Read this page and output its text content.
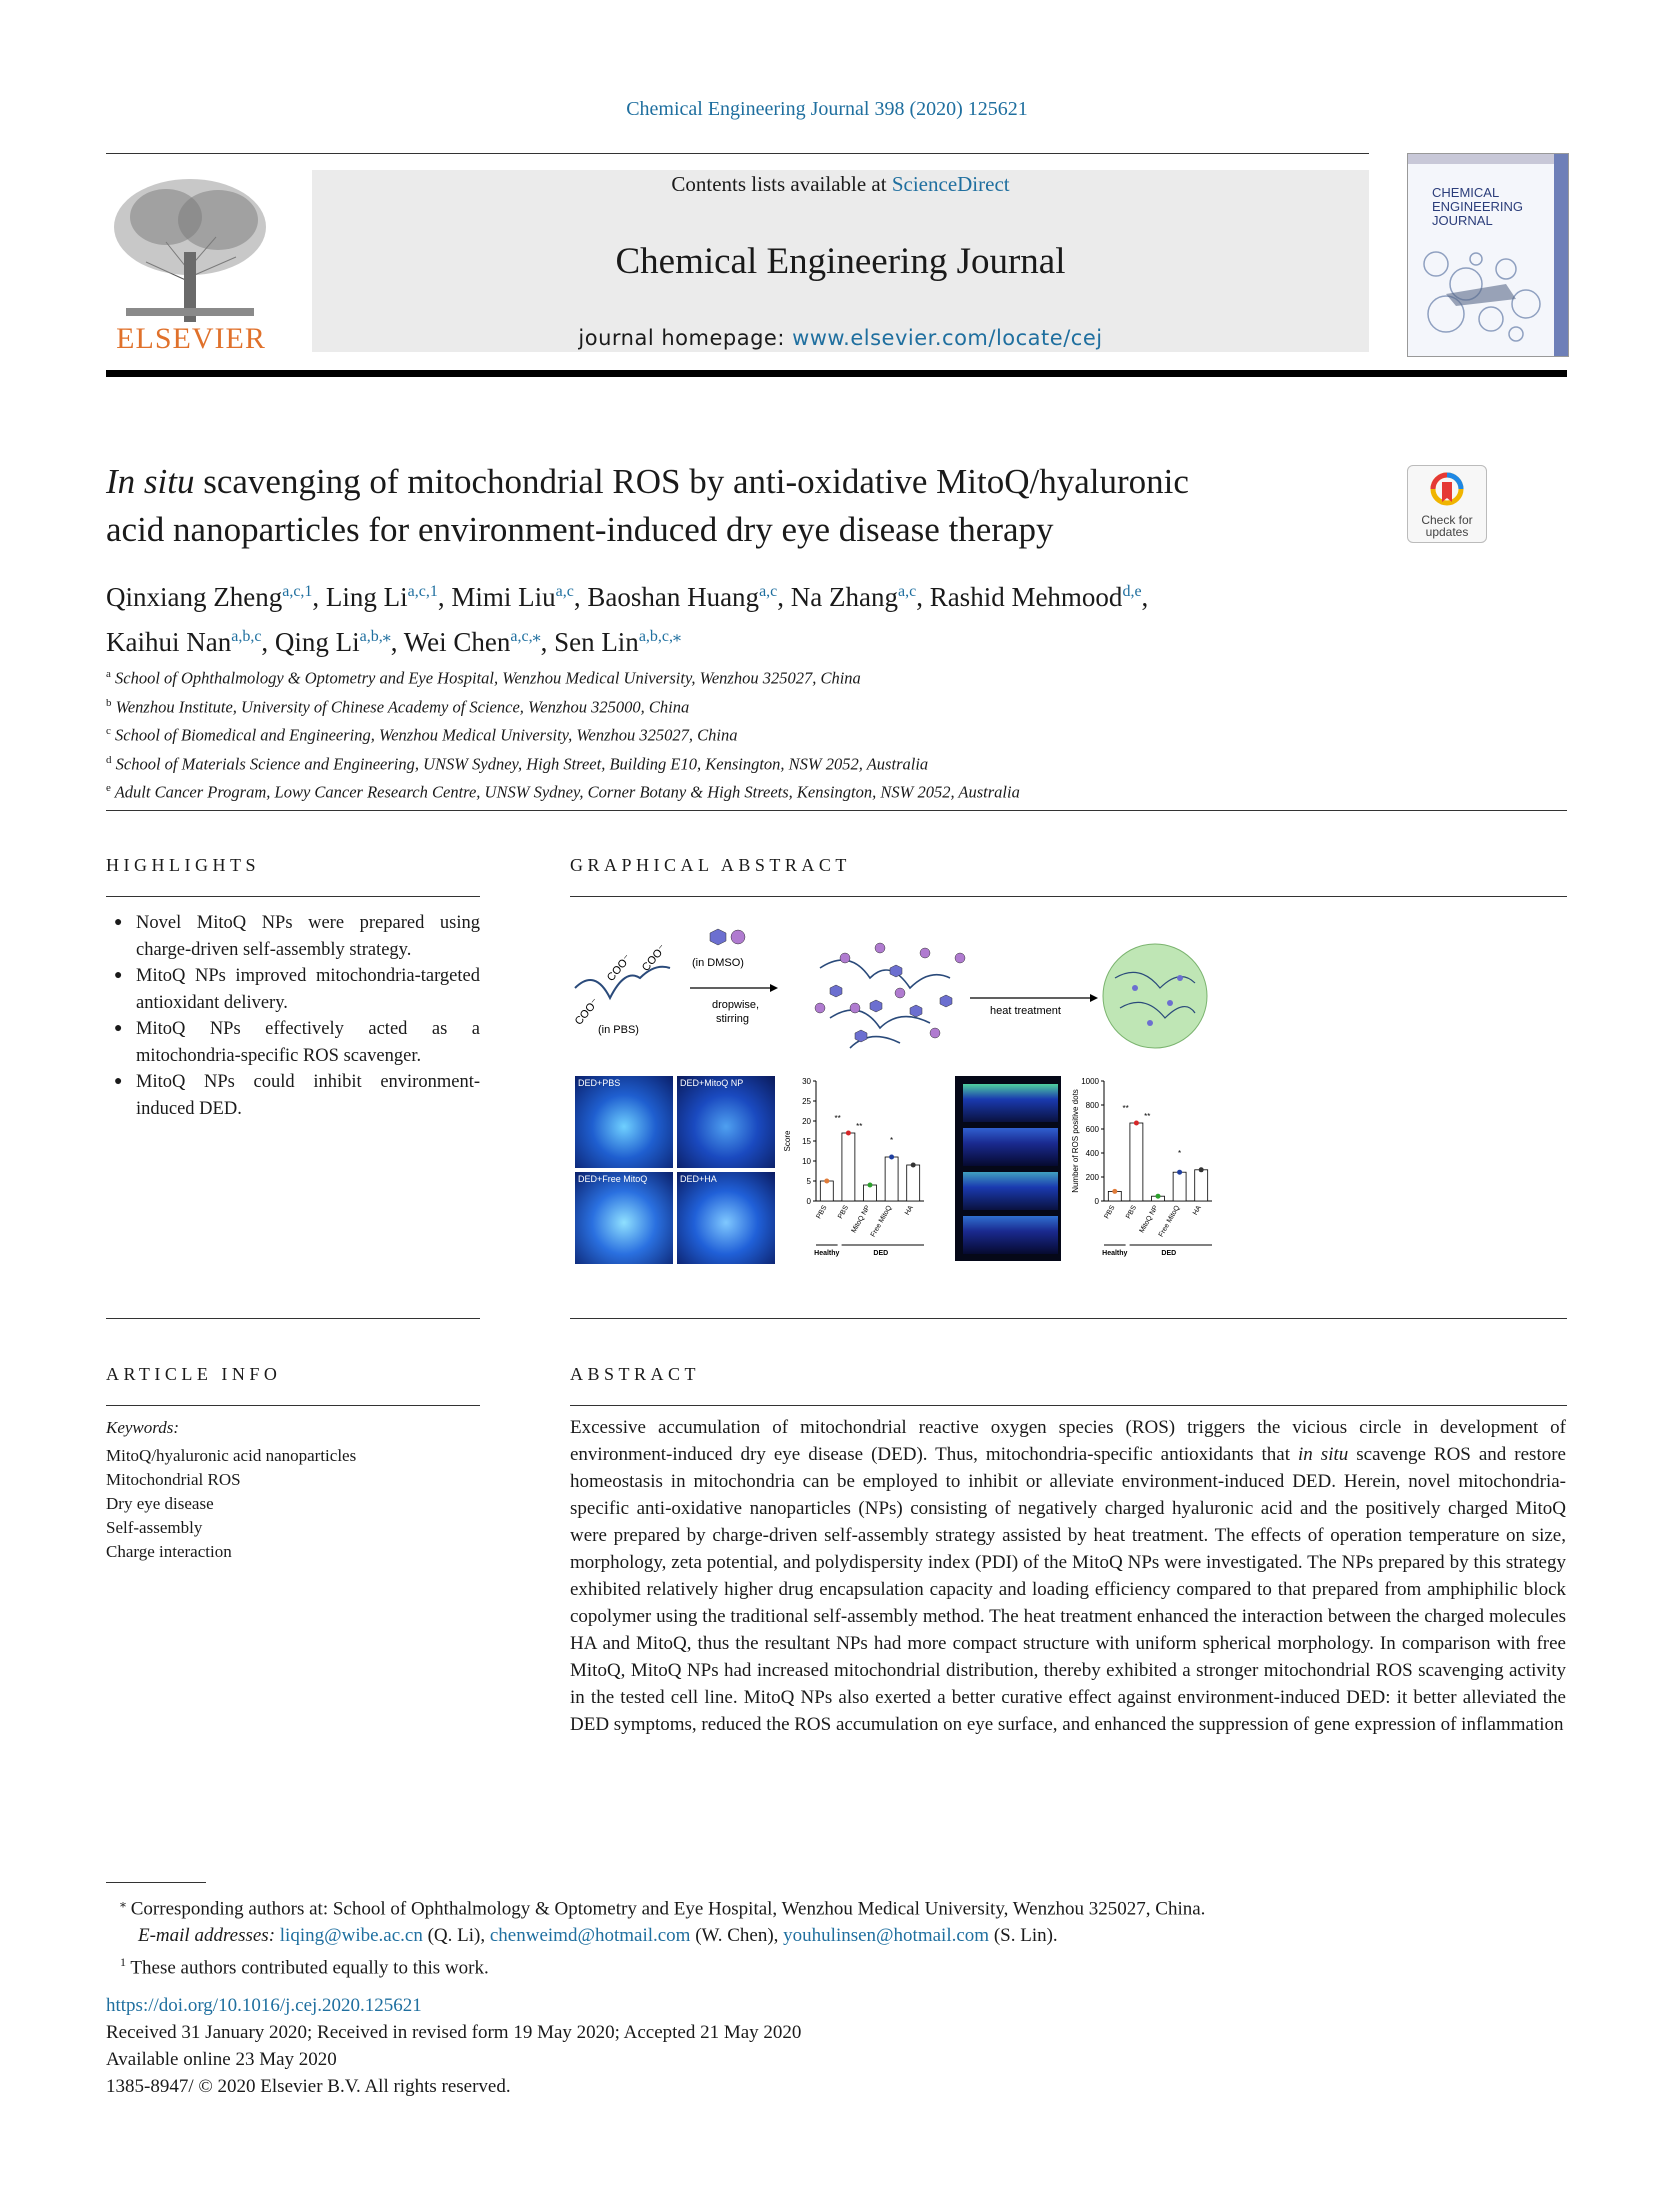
Chemical Engineering Journal 398 (2020) 125621
ELSEVIER
Contents lists available at ScienceDirect
Chemical Engineering Journal
journal homepage: www.elsevier.com/locate/cej
CHEMICAL ENGINEERING JOURNAL
In situ scavenging of mitochondrial ROS by anti-oxidative MitoQ/hyaluronic
acid nanoparticles for environment-induced dry eye disease therapy	Check for updates
Qinxiang Zheng$^{a,c,1}$, Ling Li$^{a,c,1}$, Mimi Liu$^{a,c}$, Baoshan Huang$^{a,c}$, Na Zhang$^{a,c}$, Rashid Mehmood$^{d,e}$,
Kaihui Nan$^{a,b,c}$, Qing $Li^{a,b,⁎}$, Wei Chen$^{a,c,⁎}$, Sen Lin$^{a,b,c,⁎}$
$^a$ School of Ophthalmology & Optometry and Eye Hospital, Wenzhou Medical University, Wenzhou 325027, China
$^b$ Wenzhou Institute, University of Chinese Academy of Science, Wenzhou 325000, China
$^c$ School of Biomedical and Engineering, Wenzhou Medical University, Wenzhou 325027, China
$^d$ School of Materials Science and Engineering, UNSW Sydney, High Street, Building E10, Kensington, NSW 2052, Australia
$^e$ Adult Cancer Program, Lowy Cancer Research Centre, UNSW Sydney, Corner Botany & High Streets, Kensington, NSW 2052, Australia
HIGHLIGHTS
● Novel MitoQ NPs were prepared using charge-driven self-assembly strategy.
● MitoQ NPs improved mitochondria-targeted antioxidant delivery.
● MitoQ NPs effectively acted as a mitochondria-specific ROS scavenger.
● MitoQ NPs could inhibit environment-induced DED.
GRAPHICAL ABSTRACT
COO⁻
COO⁻ COO⁻
(in PBS)
(in DMSO)
dropwise,
stirring
heat treatment
DED+PBS	DED+MitoQ NP
DED+Free MitoQ	DED+HA
0
5
10
15
20
25
30
Score
PBS PBS MitoQ NP
Free MitoQ HA
**
**
*
Healthy	DED
0
200
400
600
800
1000
Number of ROS positive dots
PBS PBS MitoQ NP
Free MitoQ HA
**
**
*
Healthy	DED
ARTICLE INFO
Keywords:
MitoQ/hyaluronic acid nanoparticles
Mitochondrial ROS
Dry eye disease
Self-assembly
Charge interaction
ABSTRACT
Excessive accumulation of mitochondrial reactive oxygen species (ROS) triggers the vicious circle in development of environment-induced dry eye disease (DED). Thus, mitochondria-specific antioxidants that in situ scavenge ROS and restore homeostasis in mitochondria can be employed to inhibit or alleviate environment-induced DED. Herein, novel mitochondria-specific anti-oxidative nanoparticles (NPs) consisting of negatively charged hyaluronic acid and the positively charged MitoQ were prepared by charge-driven self-assembly strategy assisted by heat treatment. The effects of operation temperature on size, morphology, zeta potential, and polydispersity index (PDI) of the MitoQ NPs were investigated. The NPs prepared by this strategy exhibited relatively higher drug encapsulation capacity and loading efficiency compared to that prepared from amphiphilic block copolymer using the traditional self-assembly method. The heat treatment enhanced the interaction between the charged molecules HA and MitoQ, thus the resultant NPs had more compact structure with uniform spherical morphology. In comparison with free MitoQ, MitoQ NPs had increased mitochondrial distribution, thereby exhibited a stronger mitochondrial ROS scavenging activity in the tested cell line. MitoQ NPs also exerted a better curative effect against environment-induced DED: it better alleviated the DED symptoms, reduced the ROS accumulation on eye surface, and enhanced the suppression of gene expression of inflammation
⁎ Corresponding authors at: School of Ophthalmology & Optometry and Eye Hospital, Wenzhou Medical University, Wenzhou 325027, China.
E-mail addresses: liqing@wibe.ac.cn (Q. Li), chenweimd@hotmail.com (W. Chen), youhulinsen@hotmail.com (S. Lin).
$^1$ These authors contributed equally to this work.
https://doi.org/10.1016/j.cej.2020.125621
Received 31 January 2020; Received in revised form 19 May 2020; Accepted 21 May 2020
Available online 23 May 2020
1385-8947/ © 2020 Elsevier B.V. All rights reserved.
